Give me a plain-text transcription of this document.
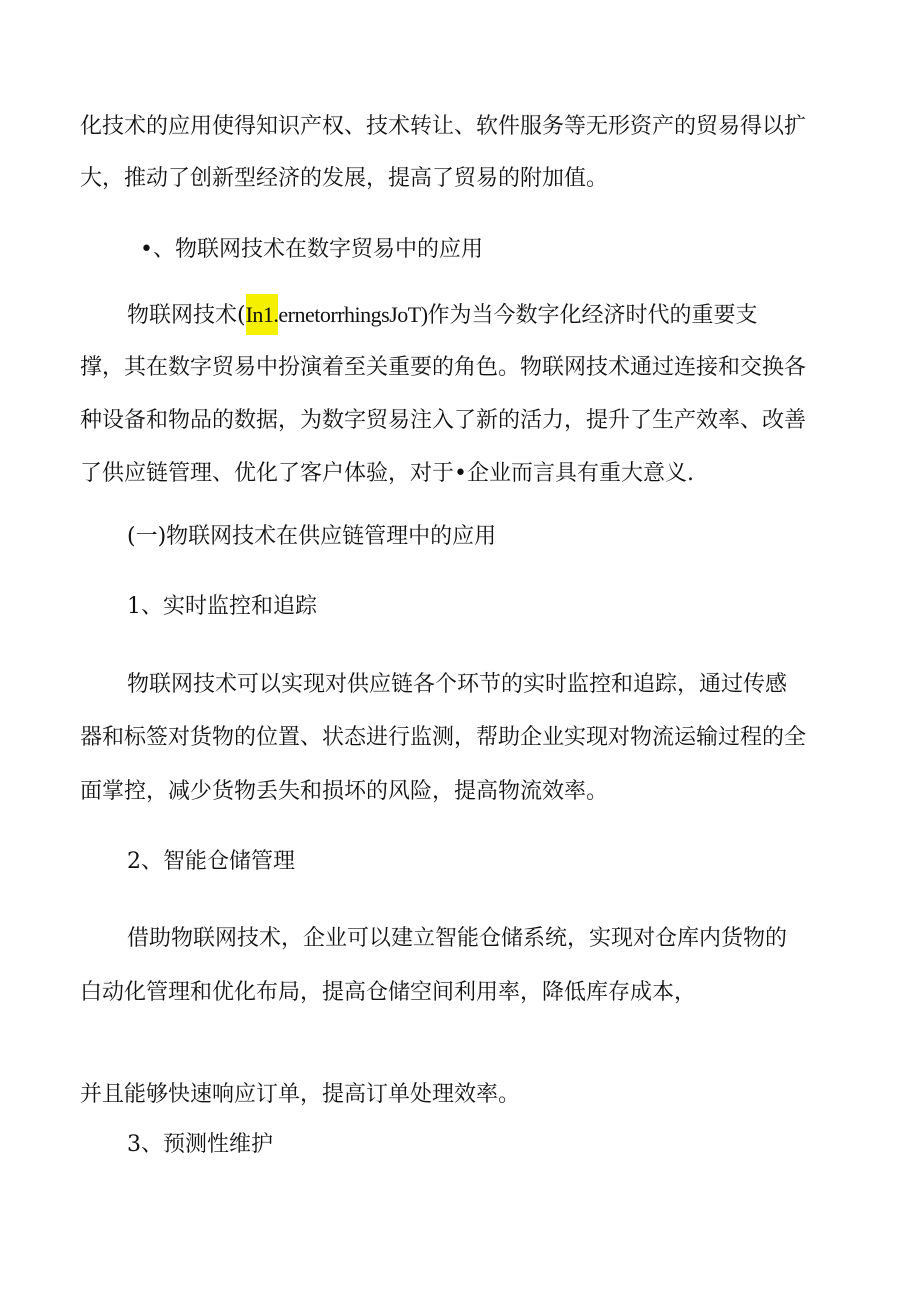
化技术的应用使得知识产权、技术转让、软件服务等无形资产的贸易得以扩
大，推动了创新型经济的发展，提高了贸易的附加值。
•、物联网技术在数字贸易中的应用
物联网技术(In1.ernetorrhingsJoT)作为当今数字化经济时代的重要支
撑，其在数字贸易中扮演着至关重要的角色。物联网技术通过连接和交换各
种设备和物品的数据，为数字贸易注入了新的活力，提升了生产效率、改善
了供应链管理、优化了客户体验，对于•企业而言具有重大意义.
(一)物联网技术在供应链管理中的应用
1、实时监控和追踪
物联网技术可以实现对供应链各个环节的实时监控和追踪，通过传感
器和标签对货物的位置、状态进行监测，帮助企业实现对物流运输过程的全
面掌控，减少货物丢失和损坏的风险，提高物流效率。
2、智能仓储管理
借助物联网技术，企业可以建立智能仓储系统，实现对仓库内货物的
白动化管理和优化布局，提高仓储空间利用率，降低库存成本，
并且能够快速响应订单，提高订单处理效率。
3、预测性维护
